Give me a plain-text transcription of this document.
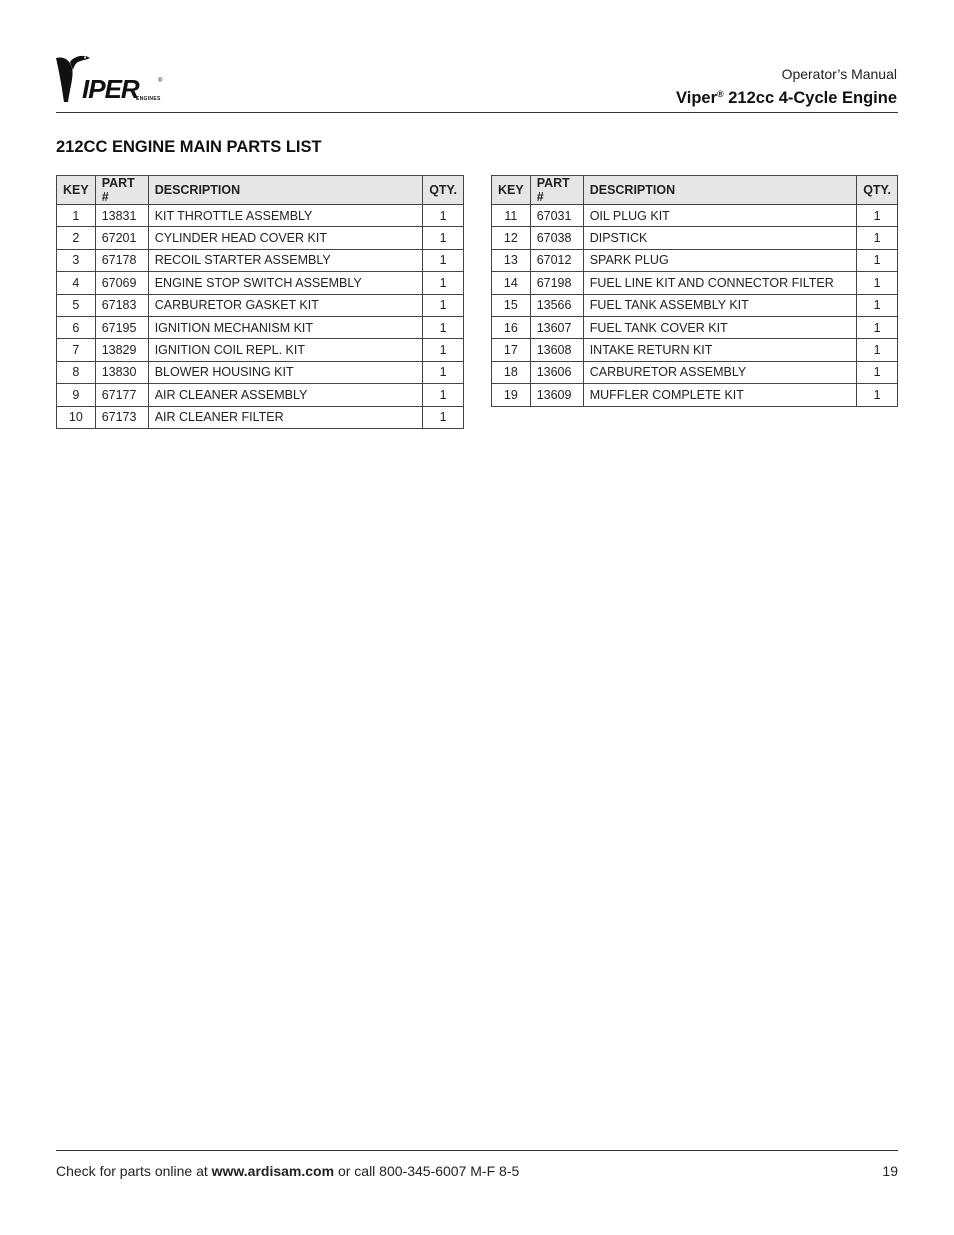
IPER	®
ENGINES
Operator’s Manual
Viper® 212cc 4-Cycle Engine
212CC ENGINE MAIN PARTS LIST
KEY	PART #	DESCRIPTION	QTY.
1	13831	KIT THROTTLE ASSEMBLY	1
2	67201	CYLINDER HEAD COVER KIT	1
3	67178	RECOIL STARTER ASSEMBLY	1
4	67069	ENGINE STOP SWITCH ASSEMBLY	1
5	67183	CARBURETOR GASKET KIT	1
6	67195	IGNITION MECHANISM KIT	1
7	13829	IGNITION COIL REPL. KIT	1
8	13830	BLOWER HOUSING KIT	1
9	67177	AIR CLEANER ASSEMBLY	1
10	67173	AIR CLEANER FILTER	1
KEY	PART #	DESCRIPTION	QTY.
11	67031	OIL PLUG KIT	1
12	67038	DIPSTICK	1
13	67012	SPARK PLUG	1
14	67198	FUEL LINE KIT AND CONNECTOR FILTER	1
15	13566	FUEL TANK ASSEMBLY KIT	1
16	13607	FUEL TANK COVER KIT	1
17	13608	INTAKE RETURN KIT	1
18	13606	CARBURETOR ASSEMBLY	1
19	13609	MUFFLER COMPLETE KIT	1
Check for parts online at www.ardisam.com or call 800-345-6007 M-F 8-5	19
